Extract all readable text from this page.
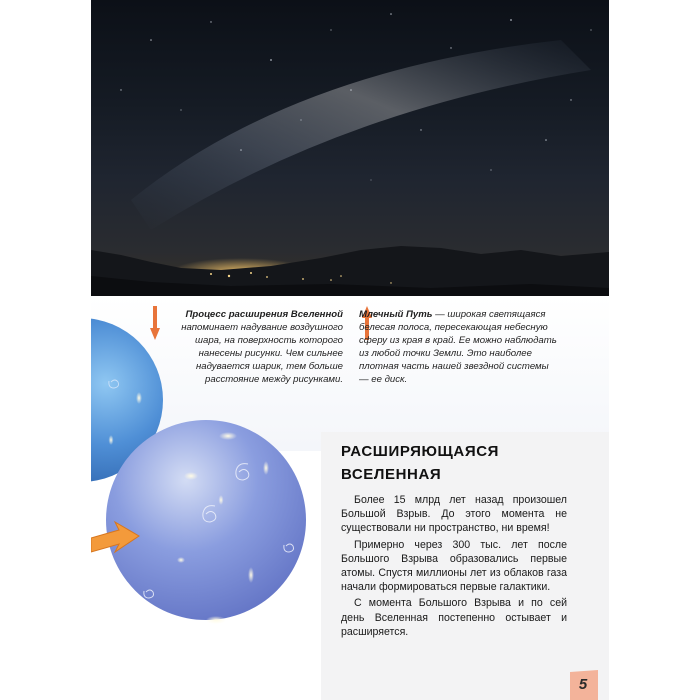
Процесс расширения Вселенной напоминает надувание воздушного шара, на поверхность которого нанесены рисунки. Чем сильнее надувается шарик, тем больше расстояние между рисунками.
Млечный Путь — широкая светящаяся белесая полоса, пересекающая небесную сферу из края в край. Ее можно наблюдать из любой точки Земли. Это наиболее плотная часть нашей звездной системы — ее диск.
РАСШИРЯЮЩАЯСЯ
ВСЕЛЕННАЯ

Более 15 млрд лет назад произошел Большой Взрыв. До этого момента не существовали ни пространство, ни время!

Примерно через 300 тыс. лет после Большого Взрыва образовались первые атомы. Спустя миллионы лет из облаков газа начали формироваться первые галактики.

С момента Большого Взрыва и по сей день Вселенная постепенно остывает и расширяется.

5
